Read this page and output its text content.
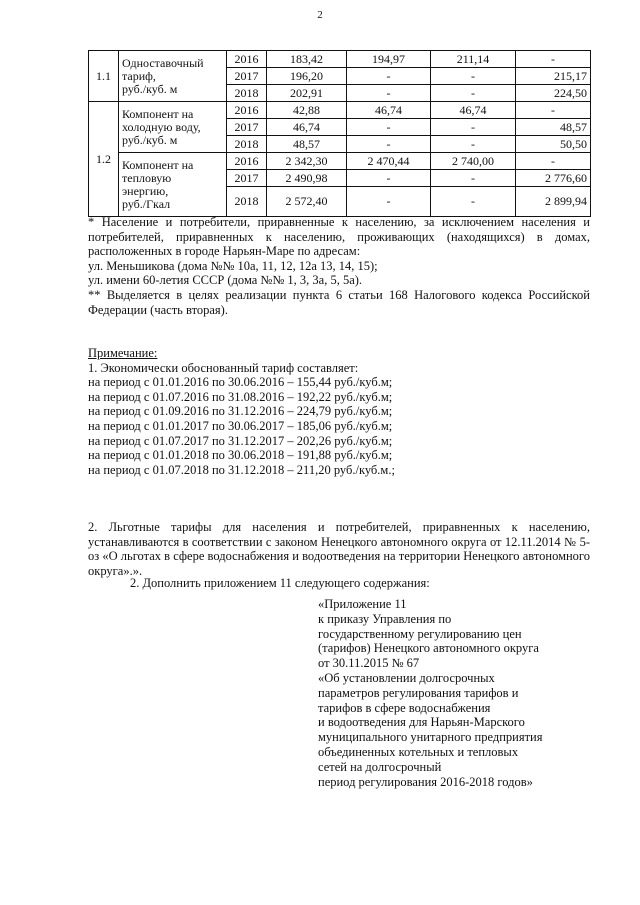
2
1.1	Одноставочный
тариф,
руб./куб. м	2016	183,42	194,97	211,14	-
		2017	196,20	-	-	215,17
		2018	202,91	-	-	224,50
1.2	Компонент на
холодную воду,
руб./куб. м	2016	42,88	46,74	46,74	-
		2017	46,74	-	-	48,57
		2018	48,57	-	-	50,50

	Компонент на
тепловую
энергию,
руб./Гкал	2016	2 342,30	2 470,44	2 740,00	-
		2017	2 490,98	-	-	2 776,60
		2018	2 572,40	-	-	2 899,94
* Население и потребители, приравненные к населению, за исключением населения и потребителей, приравненных к населению, проживающих (находящихся) в домах, расположенных в городе Нарьян-Маре по адресам:
ул. Меньшикова (дома №№ 10а, 11, 12, 12а 13, 14, 15);
ул. имени 60-летия СССР (дома №№ 1, 3, 3а, 5, 5а).
** Выделяется в целях реализации пункта 6 статьи 168 Налогового кодекса Российской Федерации (часть вторая).
Примечание:
1. Экономически обоснованный тариф составляет:
на период с 01.01.2016 по 30.06.2016 – 155,44 руб./куб.м;
на период с 01.07.2016 по 31.08.2016 – 192,22 руб./куб.м;
на период с 01.09.2016 по 31.12.2016 – 224,79 руб./куб.м;
на период с 01.01.2017 по 30.06.2017 – 185,06 руб./куб.м;
на период с 01.07.2017 по 31.12.2017 – 202,26 руб./куб.м;
на период с 01.01.2018 по 30.06.2018 – 191,88 руб./куб.м;
на период с 01.07.2018 по 31.12.2018 – 211,20 руб./куб.м.;
2. Льготные тарифы для населения и потребителей, приравненных к населению, устанавливаются в соответствии с законом Ненецкого автономного округа от 12.11.2014 № 5-оз «О льготах в сфере водоснабжения и водоотведения на территории Ненецкого автономного округа».».
2. Дополнить приложением 11 следующего содержания:
«Приложение 11
к приказу Управления по
государственному регулированию цен
(тарифов) Ненецкого автономного округа
от 30.11.2015 № 67
«Об установлении долгосрочных
параметров регулирования тарифов и
тарифов в сфере водоснабжения
и водоотведения для Нарьян-Марского
муниципального унитарного предприятия
объединенных котельных и тепловых
сетей на долгосрочный
период регулирования 2016-2018 годов»
